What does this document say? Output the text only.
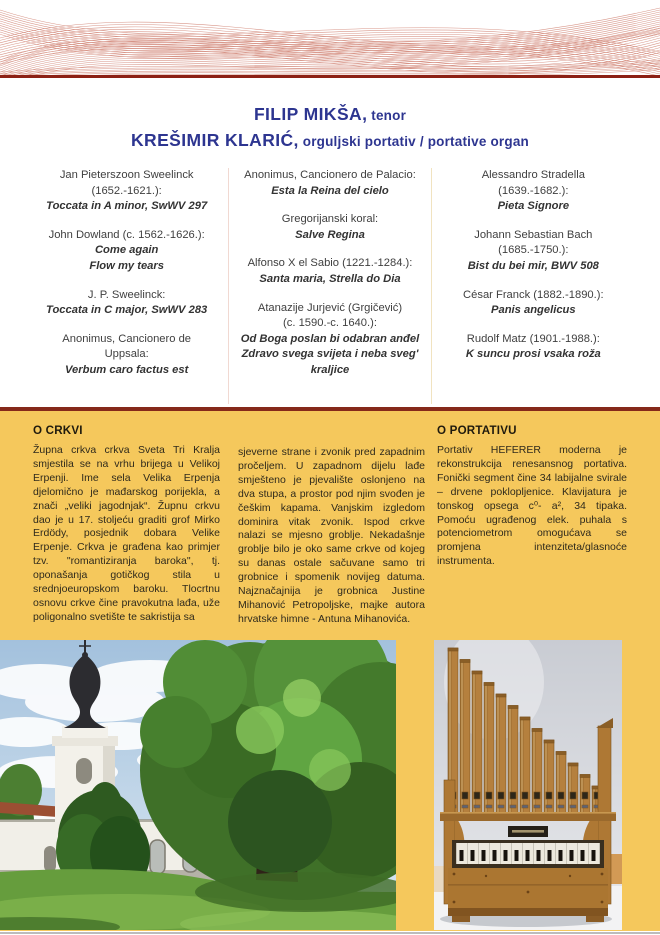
FILIP MIKŠA, tenor
KREŠIMIR KLARIĆ, orguljski portativ / portative organ
Jan Pieterszoon Sweelinck
(1652.-1621.):
Toccata in A minor, SwWV 297
John Dowland (c. 1562.-1626.):
Come again
Flow my tears
J. P. Sweelinck:
Toccata in C major, SwWV 283
Anonimus, Cancionero de
Uppsala:
Verbum caro factus est
Anonimus, Cancionero de Palacio:
Esta la Reina del cielo
Gregorijanski koral:
Salve Regina
Alfonso X el Sabio (1221.-1284.):
Santa maria, Strella do Dia
Atanazije Jurjević (Grgičević)
(c. 1590.-c. 1640.):
Od Boga poslan bi odabran anđel
Zdravo svega svijeta i neba sveg'
kraljice
Alessandro Stradella
(1639.-1682.):
Pieta Signore
Johann Sebastian Bach
(1685.-1750.):
Bist du bei mir, BWV 508
César Franck (1882.-1890.):
Panis angelicus
Rudolf Matz (1901.-1988.):
K suncu prosi vsaka roža
O CRKVI

Župna crkva crkva Sveta Tri Kralja smjestila se na vrhu brijega u Velikoj Erpenji. Ime sela Velika Erpenja djelomično je mađarskog porijekla, a znači „veliki jagodnjak“. Župnu crkvu dao je u 17. stoljeću graditi grof Mirko Erdödy, posjednik dobara Velike Erpenje. Crkva je građena kao primjer tzv. "romantiziranja baroka", tj. oponašanja gotičkog stila u srednjoeuropskom baroku. Tlocrtnu osnovu crkve čine pravokutna lađa, uže poligonalno svetište te sakristija sa

sjeverne strane i zvonik pred zapadnim pročeljem. U zapadnom dijelu lađe smješteno je pjevalište oslonjeno na dva stupa, a prostor pod njim svođen je češkim kapama. Vanjskim izgledom dominira vitak zvonik. Ispod crkve nalazi se mjesno groblje. Nekadašnje groblje bilo je oko same crkve od kojeg su danas ostale sačuvane samo tri grobnice i spomenik novijeg datuma. Najznačajnija je grobnica Justine Mihanović Petropoljske, majke autora hrvatske himne - Antuna Mihanovića.

O PORTATIVU

Portativ HEFERER moderna je rekonstrukcija renesansnog portativa. Fonički segment čine 34 labijalne svirale – drvene poklopljenice. Klavijatura je tonskog opsega c⁰- a², 34 tipaka. Pomoću ugrađenog elek. puhala s potenciometrom omogućava se promjena intenziteta/glasnoće instrumenta.
